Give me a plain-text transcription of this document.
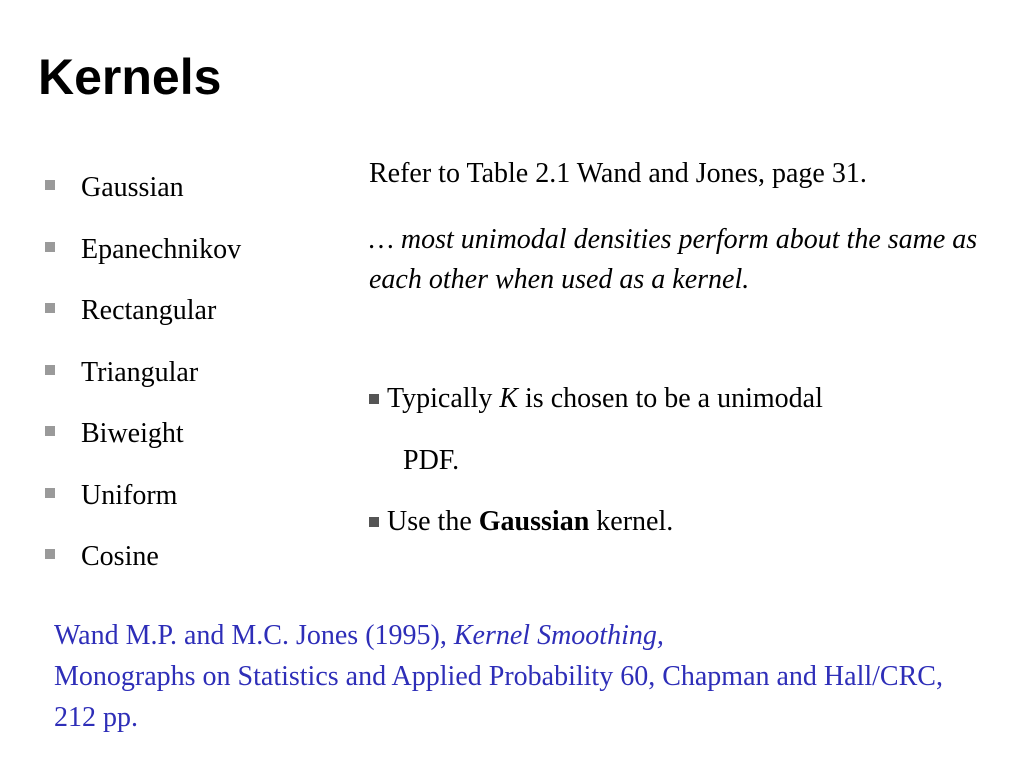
Kernels
Gaussian
Epanechnikov
Rectangular
Triangular
Biweight
Uniform
Cosine
Refer to Table 2.1 Wand and Jones, page 31.
… most unimodal densities perform about the same as each other when used as a kernel.
Typically K is chosen to be a unimodal
PDF.
Use the Gaussian kernel.
Wand M.P. and M.C. Jones (1995), Kernel Smoothing,
Monographs on Statistics and Applied Probability 60, Chapman and Hall/CRC, 212 pp.
